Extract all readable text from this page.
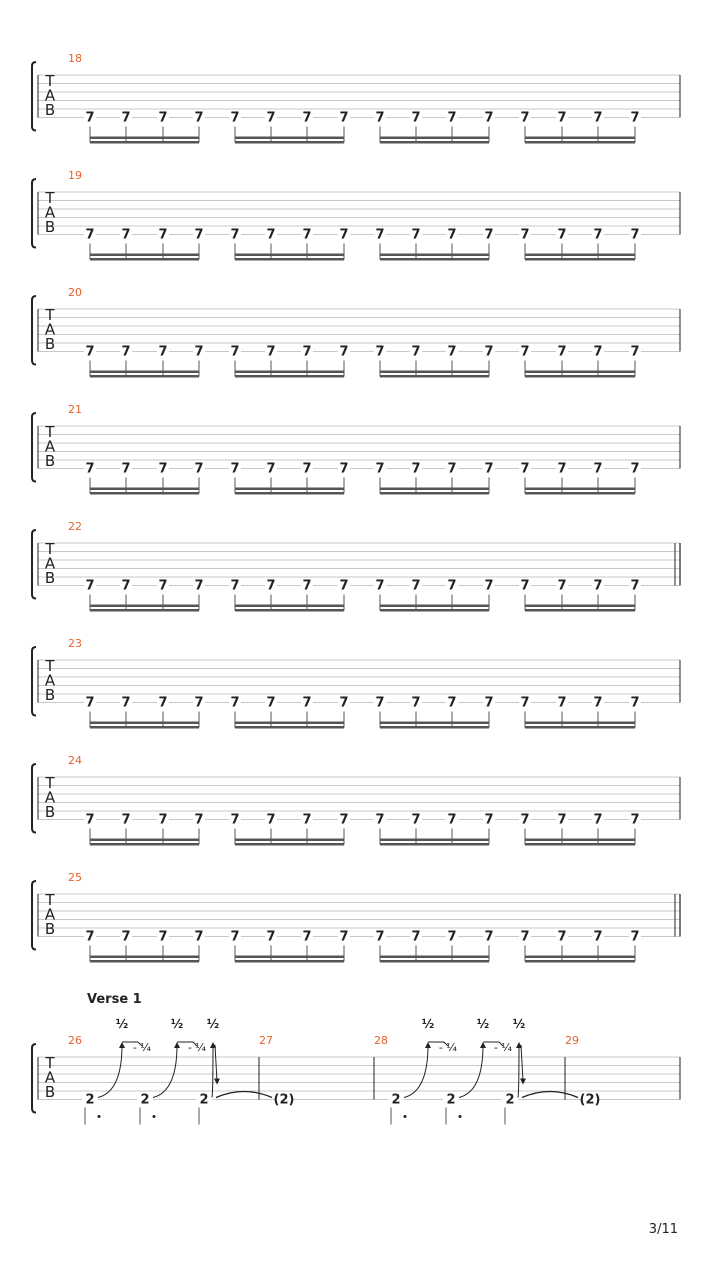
T
A
B
18
7 7 7 7 7 7 7 7 7 7 7 7 7 7 7 7
T
A
B
19
7 7 7 7 7 7 7 7 7 7 7 7 7 7 7 7
T
A
B
20
7 7 7 7 7 7 7 7 7 7 7 7 7 7 7 7
T
A
B
21
7 7 7 7 7 7 7 7 7 7 7 7 7 7 7 7
T
A
B
22
7 7 7 7 7 7 7 7 7 7 7 7 7 7 7 7
T
A
B
23
7 7 7 7 7 7 7 7 7 7 7 7 7 7 7 7
T
A
B
24
7 7 7 7 7 7 7 7 7 7 7 7 7 7 7 7
T
A
B
25
7 7 7 7 7 7 7 7 7 7 7 7 7 7 7 7
T
A
B
Verse 1
26
2	2	2
½
- ¼
½
- ¼
½
27
(2)
28
2	2	2
½
- ¼
½
- ¼
½
29
(2)
3/11
